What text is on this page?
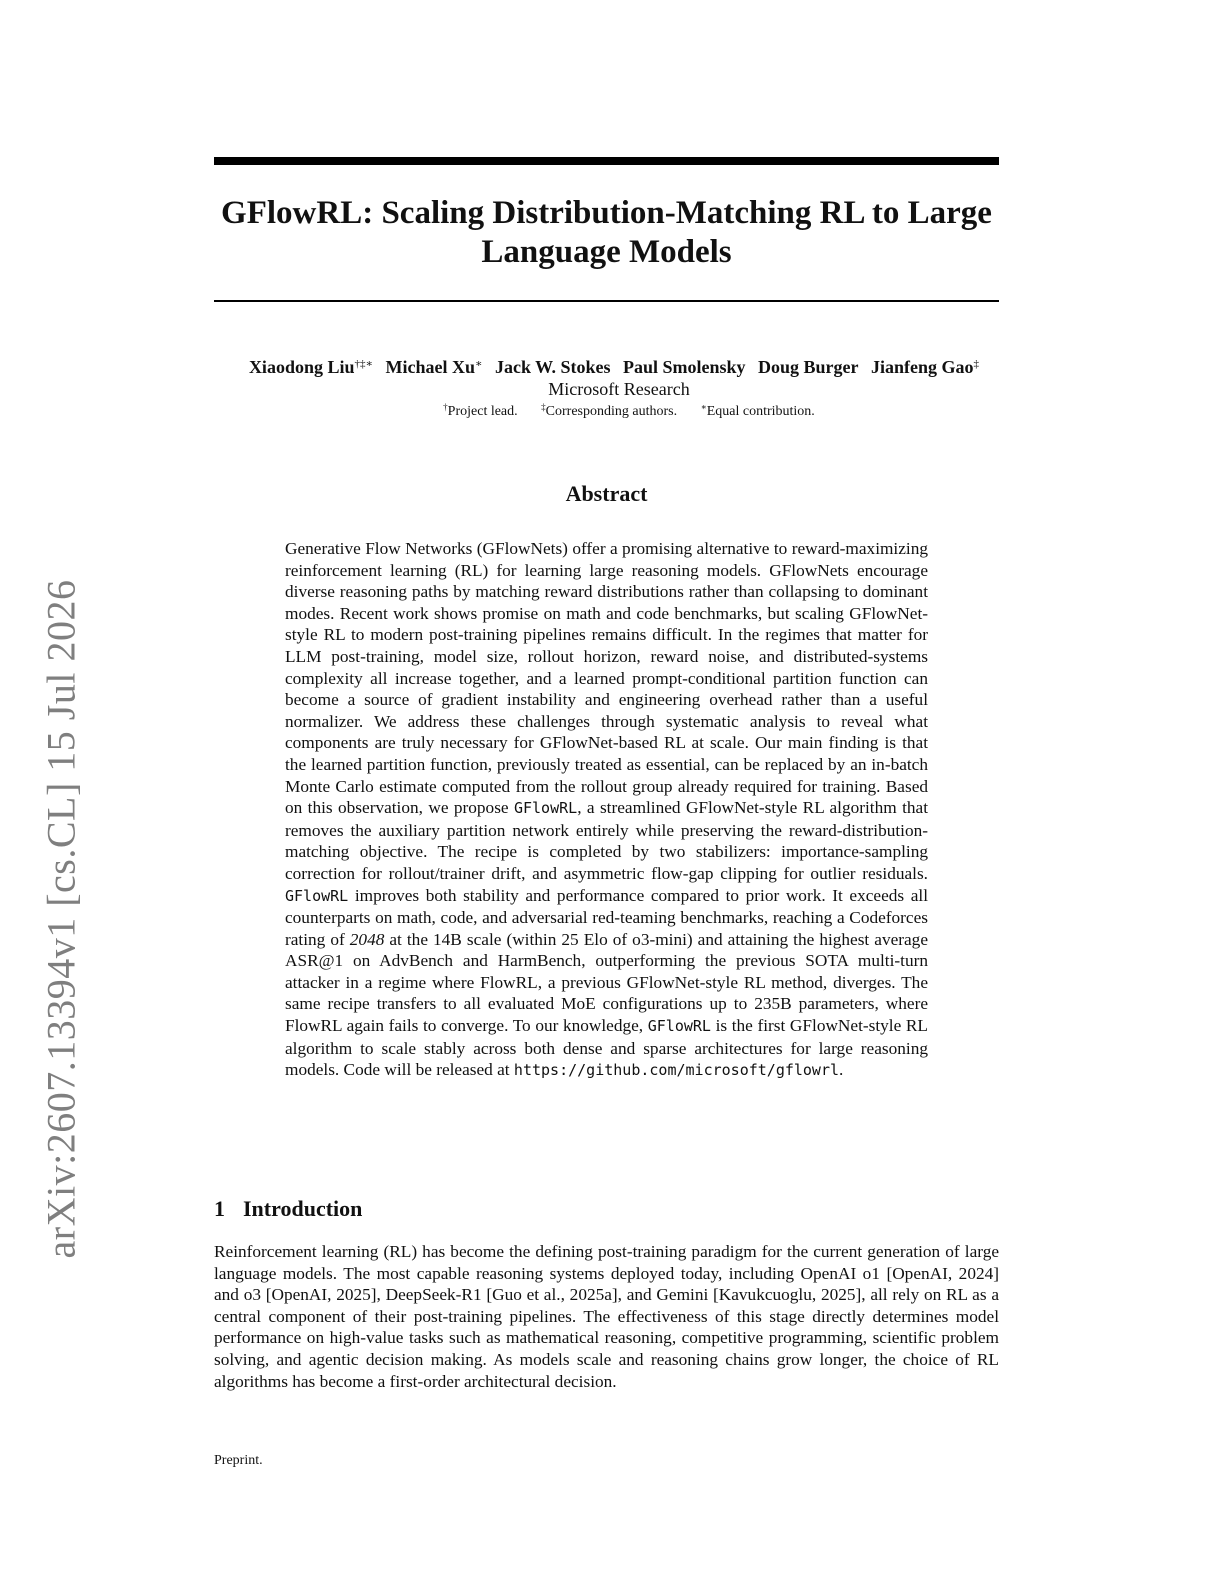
arXiv:2607.13394v1 [cs.CL] 15 Jul 2026
GFlowRL: Scaling Distribution-Matching RL to Large
Language Models
Xiaodong Liu†‡∗ Michael Xu∗ Jack W. Stokes Paul Smolensky Doug Burger Jianfeng Gao‡
Microsoft Research
†Project lead.	‡Corresponding authors.	∗Equal contribution.
Abstract

Generative Flow Networks (GFlowNets) offer a promising alternative to reward-maximizing reinforcement learning (RL) for learning large reasoning models. GFlowNets encourage diverse reasoning paths by matching reward distributions rather than collapsing to dominant modes. Recent work shows promise on math and code benchmarks, but scaling GFlowNet-style RL to modern post-training pipelines remains difficult. In the regimes that matter for LLM post-training, model size, rollout horizon, reward noise, and distributed-systems complexity all increase together, and a learned prompt-conditional partition function can become a source of gradient instability and engineering overhead rather than a useful normalizer. We address these challenges through systematic analysis to reveal what components are truly necessary for GFlowNet-based RL at scale. Our main finding is that the learned partition function, previously treated as essential, can be replaced by an in-batch Monte Carlo estimate computed from the rollout group already required for training. Based on this observation, we propose GFlowRL, a streamlined GFlowNet-style RL algorithm that removes the auxiliary partition network entirely while preserving the reward-distribution-matching objective. The recipe is completed by two stabilizers: importance-sampling correction for rollout/trainer drift, and asymmetric flow-gap clipping for outlier residuals. GFlowRL improves both stability and performance compared to prior work. It exceeds all counterparts on math, code, and adversarial red-teaming benchmarks, reaching a Codeforces rating of 2048 at the 14B scale (within 25 Elo of o3-mini) and attaining the highest average ASR@1 on AdvBench and HarmBench, outperforming the previous SOTA multi-turn attacker in a regime where FlowRL, a previous GFlowNet-style RL method, diverges. The same recipe transfers to all evaluated MoE configurations up to 235B parameters, where FlowRL again fails to converge. To our knowledge, GFlowRL is the first GFlowNet-style RL algorithm to scale stably across both dense and sparse architectures for large reasoning models. Code will be released at https://github.com/microsoft/gflowrl.

1 Introduction

Reinforcement learning (RL) has become the defining post-training paradigm for the current generation of large language models. The most capable reasoning systems deployed today, including OpenAI o1 [OpenAI, 2024] and o3 [OpenAI, 2025], DeepSeek-R1 [Guo et al., 2025a], and Gemini [Kavukcuoglu, 2025], all rely on RL as a central component of their post-training pipelines. The effectiveness of this stage directly determines model performance on high-value tasks such as mathematical reasoning, competitive programming, scientific problem solving, and agentic decision making. As models scale and reasoning chains grow longer, the choice of RL algorithms has become a first-order architectural decision.

Preprint.
